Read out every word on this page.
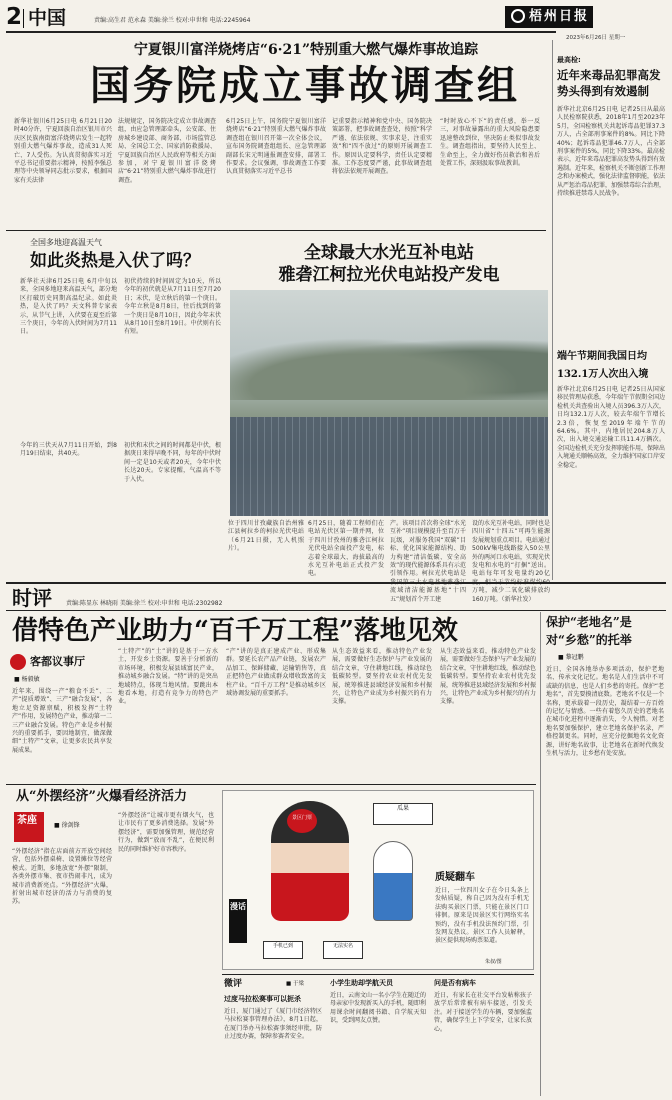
2 中国	责编:高生君 范永森 美编:徐兰 校对:申世和 电话:2245964	梧州日报
2023年6月26日 星期一
宁夏银川富洋烧烤店“6·21”特别重大燃气爆炸事故追踪
国务院成立事故调查组
新华社银川6月25日电 6月21日20时40分许，宁夏回族自治区银川市兴庆区民族南街富洋烧烤店发生一起特别重大燃气爆炸事故，造成31人死亡、7人受伤。为认真贯彻落实习近平总书记重要指示精神，按照李强总理等中央领导同志批示要求，根据国家有关法律
法规规定，国务院决定成立事故调查组，由应急管理部牵头，公安部、住房城乡建设部、商务部、市场监管总局、全国总工会、国家消防救援局、宁夏回族自治区人民政府等相关方面参加，对宁夏银川富洋烧烤店“6·21”特别重大燃气爆炸事故进行调查。
6月25日上午，国务院宁夏银川富洋烧烤店“6·21”特别重大燃气爆炸事故调查组在银川召开第一次全体会议，宣布国务院调查组组长、应急管理部副部长宋元明通报调查安排，部署工作要求。会议强调，事故调查工作要认真贯彻落实习近平总书
记重要指示精神和党中央、国务院决策部署，把事故调查查处，按照“科学严谨、依法依规、实事求是、注重实效”和“四不放过”的原则开展调查工作。原因认定要科学，责任认定要精准。工作态度要严谨，此事故调查组将依法依规开展调查。
“时时放心不下”的责任感，举一反三，对事故暴露出的重大风险隐患要迅速整改到位，坚决防止类似事故发生。调查组指出，要坚持人民至上、生命至上，全力做好伤员救治和善后处置工作，深刻汲取事故教训。
最高检:
近年来毒品犯罪高发
势头得到有效遏制
新华社北京6月25日电 记者25日从最高人民检察院获悉，2018年1月至2023年5月，全国检察机关共起诉毒品犯罪37.3万人，占全部刑事案件的8%。同比下降40%；起诉毒品犯罪46.7万人，占全部刑事案件的5%，同比下降33%。最高检表示，近年来毒品犯罪高发势头得到有效遏制。近年来，检察机关不断创新工作理念和办案模式，强化法律监督职能，依法从严惩治毒品犯罪，加强禁毒综合治理，持续推进禁毒人民战争。
端午节期间我国日均
132.1万人次出入境
新华社北京6月25日电 记者25日从国家移民管理局获悉，今年端午节假期全国边检机关共查验出入境人员396.3万人次，日均132.1万人次，较去年端午节增长2.3倍，恢复至2019年端午节的64.6%。其中，内地居民204.8万人次，出入境交通运输工具11.4万辆次。全国边检机关充分发挥职能作用，保障出入境通关顺畅高效，全力维护国家口岸安全稳定。
全国多地迎高温天气
如此炎热是入伏了吗？
新华社天津6月25日电 6月中旬以来，全国多地迎来高温天气，部分地区打破历史同期高温纪录。如此炎热，是入伏了吗？天文科普专家表示，从节气上讲，入伏要在夏至后第三个庚日，今年的入伏时间为7月11日。
初伏持续的时间固定为10天，所以今年的初伏就是从7月11日至7月20日；末伏，是立秋后的第一个庚日。今年立秋是8月8日，往后找到的第一个庚日是8月10日，因此今年末伏从8月10日至8月19日。中伏则有长有短。
今年的三伏天从7月11日开始，到8月19日结束，共40天。
初伏和末伏之间的时间都是中伏，根据庚日来得早晚不同，每年的中伏时间一定是10天或者20天，今年中伏长达20天。专家提醒，气温高不等于入伏。
全球最大水光互补电站
雅砻江柯拉光伏电站投产发电
位于四川甘孜藏族自治州雅江县柯拉乡的柯拉光伏电站（6月21日摄，无人机照片）。
6月25日，随着工程师们在电站光伏区第一期并网，位于四川甘孜州的雅砻江柯拉光伏电站全面投产发电，标志着全球最大、海拔最高的水光互补电站正式投产发电。
产。该项目首次将全球“水光互补”项目规模提升至百万千瓦级，对服务我国“双碳”目标、优化国家能源结构、助力构建“清洁低碳、安全高效”的现代能源体系具有示范引领作用。柯拉光伏电站是 流域清洁能源基地“十四五”规划首个开工建
设的水光互补电站，同时也是四川省“十四五”可再生能源发展规划重点项目。电站通过500kV集电线路接入50公里外的两河口水电站，实现光伏发电和水电的“打捆”送出。电站每年可发电量约20亿 万吨，减少二氧化碳排放约160万吨。（新华社发）
时评 责编:陈显东 林晓雨 美编:徐兰 校对:申世和 电话:2302982
借特色产业助力“百千万工程”落地见效	保护“老地名”是
对“乡愁”的托举
■ 黎冠鹏
客都议事厅
■ 杨毅敏
近年来，围绕一产“粮食不丢”、二产“提质增效”、三产“融合发展”，各地立足资源禀赋，积极发挥“土特产”作用，发展特色产业，推动第一二三产业融合发展。特色产业是乡村振兴的重要抓手，要因地制宜，做深做细“土特产”文章，让更多农民共享发展成果。
“土特产”的“土”讲的是基于一方水土，开发乡土资源。要善于分析新的市场环境，积极发展县域富民产业，推动城乡融合发展。“特”讲的是突出地域特点，体现当地风情。要跳出本地看本地，打造有竞争力的特色产业。
“产”讲的是真正建成产业、形成集群。要延长农产品产业链，发展农产品加工、保鲜储藏、运输销售等，真正把特色产业做成群众增收致富的支柱产业。“百千万工程”是推动城乡区域协调发展的重要抓手。
从生态效益来看，推动特色产业发展，需要做好生态保护与产业发展的结合文章，守住耕地红线，推动绿色低碳转型。要坚持农业农村优先发展，统筹推进县域经济发展和乡村振兴，让特色产业成为乡村振兴的有力支撑。
从生态效益来看，推动特色产业发展，需要做好生态保护与产业发展的结合文章，守住耕地红线，推动绿色低碳转型。要坚持农业农村优先发展，统筹推进县域经济发展和乡村振兴，让特色产业成为乡村振兴的有力支撑。
近日，全国各地举办多项活动，保护老地名、传承文化记忆。地名是人们生活中不可或缺的信息，也是人们乡愁的寄托。保护“老地名”，首先要摸清底数。老地名不仅是一个名称，更承载着一段历史，凝结着一方百姓的记忆与情感。一些有着悠久历史的老地名在城市化进程中逐渐消失，令人惋惜。对老地名要加强保护，建立老地名保护名录，严格控制更名。同时，应充分挖掘地名文化资源，讲好地名故事，让老地名在新时代焕发生机与活力，让乡愁有处安放。
从“外摆经济”火爆看经济活力
茶座	■ 徐剑锋
“外摆经济”指在店面前方开放空间经营，包括外摆桌椅、设置摊位等经营模式。近期，多地放宽“外摆”限制，各类外摆市集、夜市热闹非凡，成为城市消费新亮点。“外摆经济”火爆，折射出城市经济的活力与消费的复苏。
“外摆经济”让城市更有烟火气，也让市民有了更多消费选择。发展“外摆经济”，需要加强管理，规范经营行为，做到“放而不乱”，在便民利民的同时维护好市容秩序。
漫话
景区门票
手机已到	无法实名
瓜果
质疑翻车
近日，一位四川女子在今日头条上发帖质疑，称自己因为没有手机无法购买景区门票，只能在景区门口徘徊。原来是因景区实行网络实名预约，没有手机没法预约门票，引发网友热议。景区工作人员解释，景区提供现场购票渠道。
朱叔/图
微评	■ 于梁
过度马拉松赛事可以扼杀
近日，厦门通过了《厦门市经济特区马拉松赛事管理办法》，8月1日起，在厦门举办马拉松赛事须经审批，防止过度办赛，保障参赛者安全。
小学生助却学航天员
近日，云南文山一名小学生在随迁的母亲家中发现新买入的手机，随即利用课余时间翻阅书籍、自学航天知识，受到网友点赞。
问是否有病车
近日，有家长在社交平台发帖称孩子放学后常常被有病车接送，引发关注。对于接送学生的车辆，要加强监管，确保学生上下学安全，让家长放心。
